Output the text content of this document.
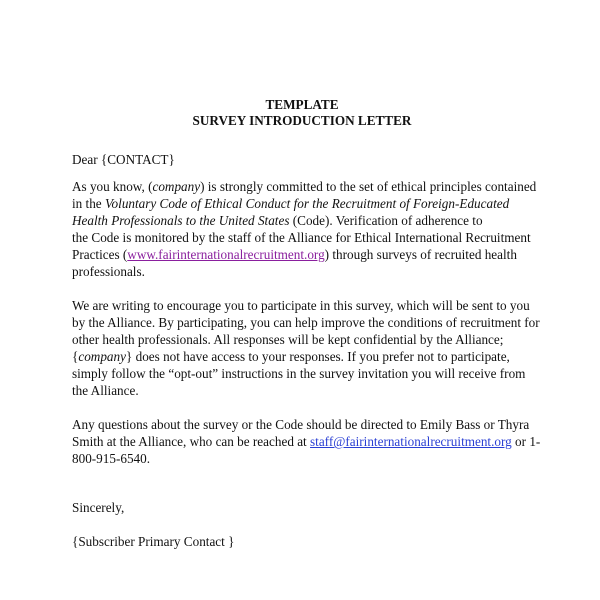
TEMPLATE
SURVEY INTRODUCTION LETTER
Dear {CONTACT}

As you know, (company) is strongly committed to the set of ethical principles contained in the Voluntary Code of Ethical Conduct for the Recruitment of Foreign-Educated Health Professionals to the United States (Code). Verification of adherence to

the Code is monitored by the staff of the Alliance for Ethical International Recruitment Practices (www.fairinternationalrecruitment.org) through surveys of recruited health professionals.

We are writing to encourage you to participate in this survey, which will be sent to you by the Alliance. By participating, you can help improve the conditions of recruitment for other health professionals. All responses will be kept confidential by the Alliance;
{company} does not have access to your responses. If you prefer not to participate, simply follow the “opt-out” instructions in the survey invitation you will receive from the Alliance.

Any questions about the survey or the Code should be directed to Emily Bass or Thyra Smith at the Alliance, who can be reached at staff@fairinternationalrecruitment.org or 1-800-915-6540.

Sincerely,
{Subscriber Primary Contact }
